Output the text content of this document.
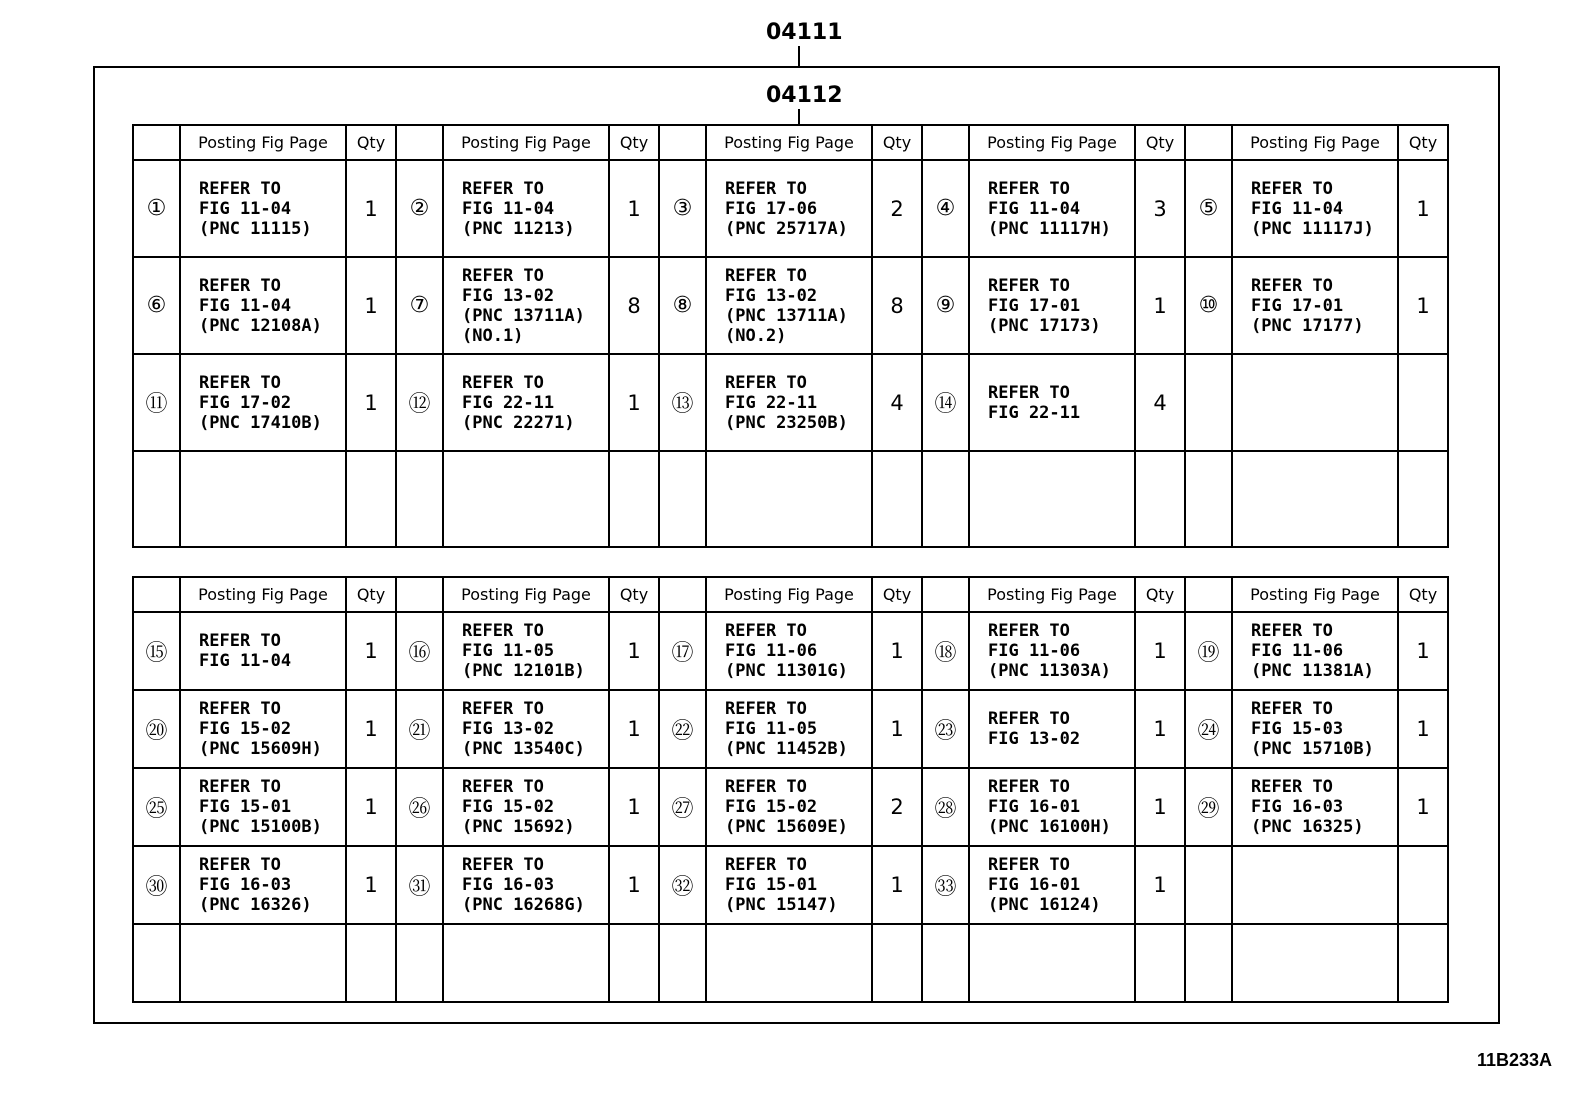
04111
04112
	Posting Fig Page	Qty		Posting Fig Page	Qty		Posting Fig Page	Qty		Posting Fig Page	Qty		Posting Fig Page	Qty
①	REFER TO
FIG 11-04
(PNC 11115)	1	②	REFER TO
FIG 11-04
(PNC 11213)	1	③	REFER TO
FIG 17-06
(PNC 25717A)	2	④	REFER TO
FIG 11-04
(PNC 11117H)	3	⑤	REFER TO
FIG 11-04
(PNC 11117J)	1
⑥	REFER TO
FIG 11-04
(PNC 12108A)	1	⑦	REFER TO
FIG 13-02
(PNC 13711A)
(NO.1)	8	⑧	REFER TO
FIG 13-02
(PNC 13711A)
(NO.2)	8	⑨	REFER TO
FIG 17-01
(PNC 17173)	1	⑩	REFER TO
FIG 17-01
(PNC 17177)	1
⑪	REFER TO
FIG 17-02
(PNC 17410B)	1	⑫	REFER TO
FIG 22-11
(PNC 22271)	1	⑬	REFER TO
FIG 22-11
(PNC 23250B)	4	⑭	REFER TO
FIG 22-11	4			

	Posting Fig Page	Qty		Posting Fig Page	Qty		Posting Fig Page	Qty		Posting Fig Page	Qty		Posting Fig Page	Qty
⑮	REFER TO
FIG 11-04	1	⑯	REFER TO
FIG 11-05
(PNC 12101B)	1	⑰	REFER TO
FIG 11-06
(PNC 11301G)	1	⑱	REFER TO
FIG 11-06
(PNC 11303A)	1	⑲	REFER TO
FIG 11-06
(PNC 11381A)	1
⑳	REFER TO
FIG 15-02
(PNC 15609H)	1	㉑	REFER TO
FIG 13-02
(PNC 13540C)	1	㉒	REFER TO
FIG 11-05
(PNC 11452B)	1	㉓	REFER TO
FIG 13-02	1	㉔	REFER TO
FIG 15-03
(PNC 15710B)	1
㉕	REFER TO
FIG 15-01
(PNC 15100B)	1	㉖	REFER TO
FIG 15-02
(PNC 15692)	1	㉗	REFER TO
FIG 15-02
(PNC 15609E)	2	㉘	REFER TO
FIG 16-01
(PNC 16100H)	1	㉙	REFER TO
FIG 16-03
(PNC 16325)	1
㉚	REFER TO
FIG 16-03
(PNC 16326)	1	㉛	REFER TO
FIG 16-03
(PNC 16268G)	1	㉜	REFER TO
FIG 15-01
(PNC 15147)	1	㉝	REFER TO
FIG 16-01
(PNC 16124)	1			

11B233A
